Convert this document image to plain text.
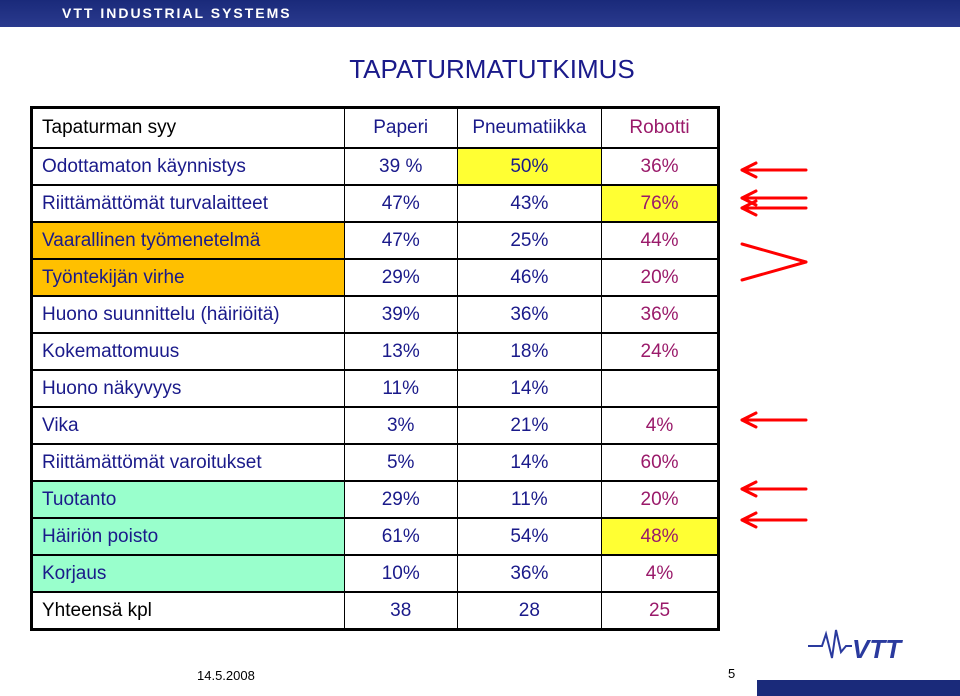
VTT INDUSTRIAL SYSTEMS
TAPATURMATUTKIMUS
Tapaturman syy	Paperi	Pneumatiikka	Robotti
Odottamaton käynnistys	39 %	50%	36%
Riittämättömät turvalaitteet	47%	43%	76%
Vaarallinen työmenetelmä	47%	25%	44%
Työntekijän virhe	29%	46%	20%
Huono suunnittelu (häiriöitä)	39%	36%	36%
Kokemattomuus	13%	18%	24%
Huono näkyvyys	11%	14%	
Vika	3%	21%	4%
Riittämättömät varoitukset	5%	14%	60%
Tuotanto	29%	11%	20%
Häiriön poisto	61%	54%	48%
Korjaus	10%	36%	4%
Yhteensä kpl	38	28	25
VTT
14.5.2008	5
